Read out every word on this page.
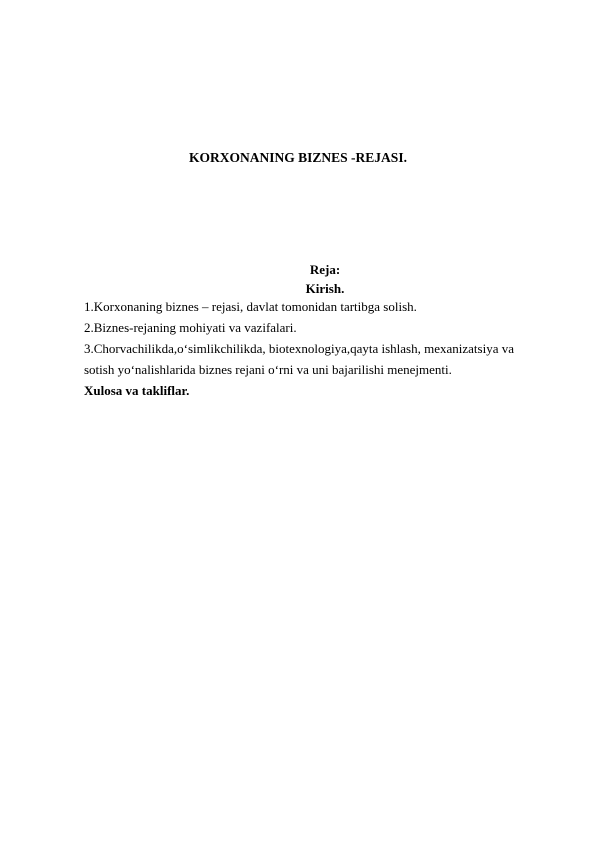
KORXONANING BIZNES -REJASI.
Reja:
Kirish.
1.Korxonaning biznes – rejasi, davlat tomonidan tartibga solish.
2.Biznes-rejaning mohiyati va vazifalari.
3.Chorvachilikda,o‘simlikchilikda, biotexnologiya,qayta ishlash, mexanizatsiya va
sotish yo‘nalishlarida biznes rejani o‘rni va uni bajarilishi menejmenti.
Xulosa va takliflar.
